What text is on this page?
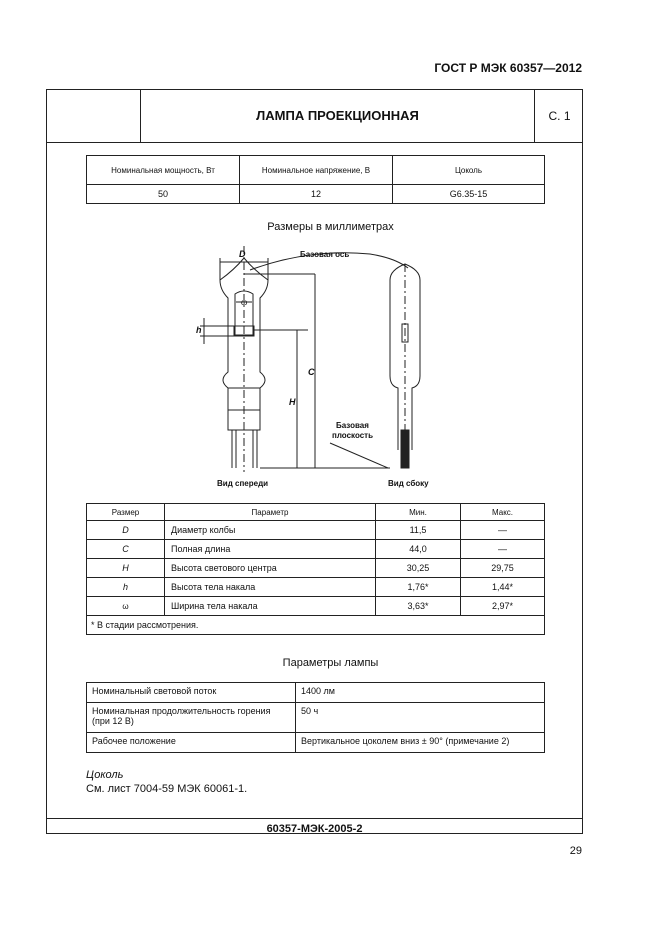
ГОСТ Р МЭК 60357—2012
ЛАМПА ПРОЕКЦИОННАЯ	С. 1
Номинальная мощность, Вт	Номинальное напряжение, В	Цоколь
50	12	G6.35-15
Размеры в миллиметрах
D
ω
h
H
C
Базовая ось
Базовая
плоскость
Вид спереди	Вид сбоку
Размер	Параметр	Мин.	Макс.
D	Диаметр колбы	11,5	—
C	Полная длина	44,0	—
H	Высота светового центра	30,25	29,75
h	Высота тела накала	1,76*	1,44*
ω	Ширина тела накала	3,63*	2,97*
* В стадии рассмотрения.			
Параметры лампы
Номинальный световой поток	1400 лм
Номинальная продолжительность горения (при 12 В)	50 ч
Рабочее положение	Вертикальное цоколем вниз ± 90° (примечание 2)
Цоколь
См. лист 7004-59 МЭК 60061-1.
60357-МЭК-2005-2
29
